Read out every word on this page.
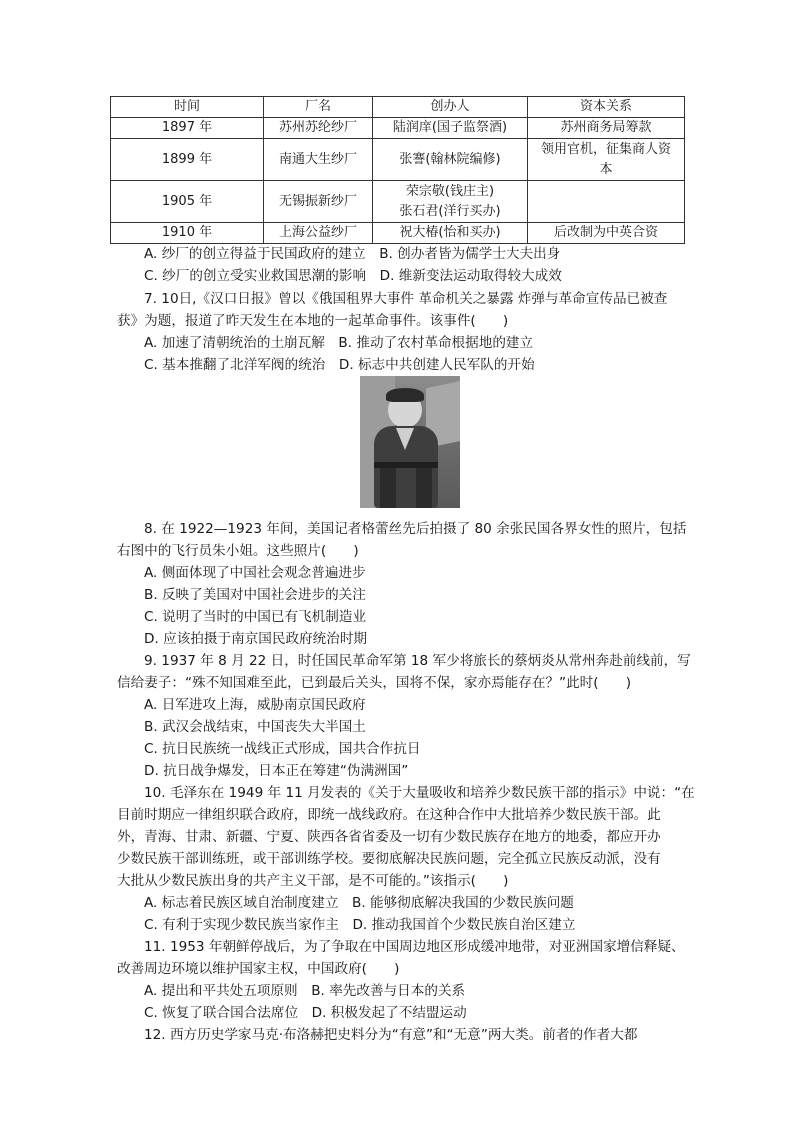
时间	厂名	创办人	资本关系
1897 年	苏州苏纶纱厂	陆润庠(国子监祭酒)	苏州商务局筹款
1899 年	南通大生纱厂	张謇(翰林院编修)	领用官机，征集商人资
本

1905 年	无锡振新纱厂	荣宗敬(钱庄主)
张石君(洋行买办)	

1910 年	上海公益纱厂	祝大椿(怡和买办)	后改制为中英合资
A. 纱厂的创立得益于民国政府的建立　B. 创办者皆为儒学士大夫出身
C. 纱厂的创立受实业救国思潮的影响　D. 维新变法运动取得较大成效
7. 10日,《汉口日报》曾以《俄国租界大事件 革命机关之暴露 炸弹与革命宣传品已被查
获》为题，报道了昨天发生在本地的一起革命事件。该事件(　　)
A. 加速了清朝统治的土崩瓦解　B. 推动了农村革命根据地的建立
C. 基本推翻了北洋军阀的统治　D. 标志中共创建人民军队的开始
8. 在 1922—1923 年间，美国记者格蕾丝先后拍摄了 80 余张民国各界女性的照片，包括
右图中的飞行员朱小姐。这些照片(　　)
A. 侧面体现了中国社会观念普遍进步
B. 反映了美国对中国社会进步的关注
C. 说明了当时的中国已有飞机制造业
D. 应该拍摄于南京国民政府统治时期
9. 1937 年 8 月 22 日，时任国民革命军第 18 军少将旅长的蔡炳炎从常州奔赴前线前，写
信给妻子：“殊不知国难至此，已到最后关头，国将不保，家亦焉能存在？”此时(　　)
A. 日军进攻上海，威胁南京国民政府
B. 武汉会战结束，中国丧失大半国土
C. 抗日民族统一战线正式形成，国共合作抗日
D. 抗日战争爆发，日本正在筹建“伪满洲国”
10. 毛泽东在 1949 年 11 月发表的《关于大量吸收和培养少数民族干部的指示》中说：“在
目前时期应一律组织联合政府，即统一战线政府。在这种合作中大批培养少数民族干部。此
外，青海、甘肃、新疆、宁夏、陕西各省省委及一切有少数民族存在地方的地委，都应开办
少数民族干部训练班，或干部训练学校。要彻底解决民族问题，完全孤立民族反动派，没有
大批从少数民族出身的共产主义干部，是不可能的。”该指示(　　)
A. 标志着民族区域自治制度建立　B. 能够彻底解决我国的少数民族问题
C. 有利于实现少数民族当家作主　D. 推动我国首个少数民族自治区建立
11. 1953 年朝鲜停战后，为了争取在中国周边地区形成缓冲地带，对亚洲国家增信释疑、
改善周边环境以维护国家主权，中国政府(　　)
A. 提出和平共处五项原则　B. 率先改善与日本的关系
C. 恢复了联合国合法席位　D. 积极发起了不结盟运动
12. 西方历史学家马克·布洛赫把史料分为“有意”和“无意”两大类。前者的作者大都
